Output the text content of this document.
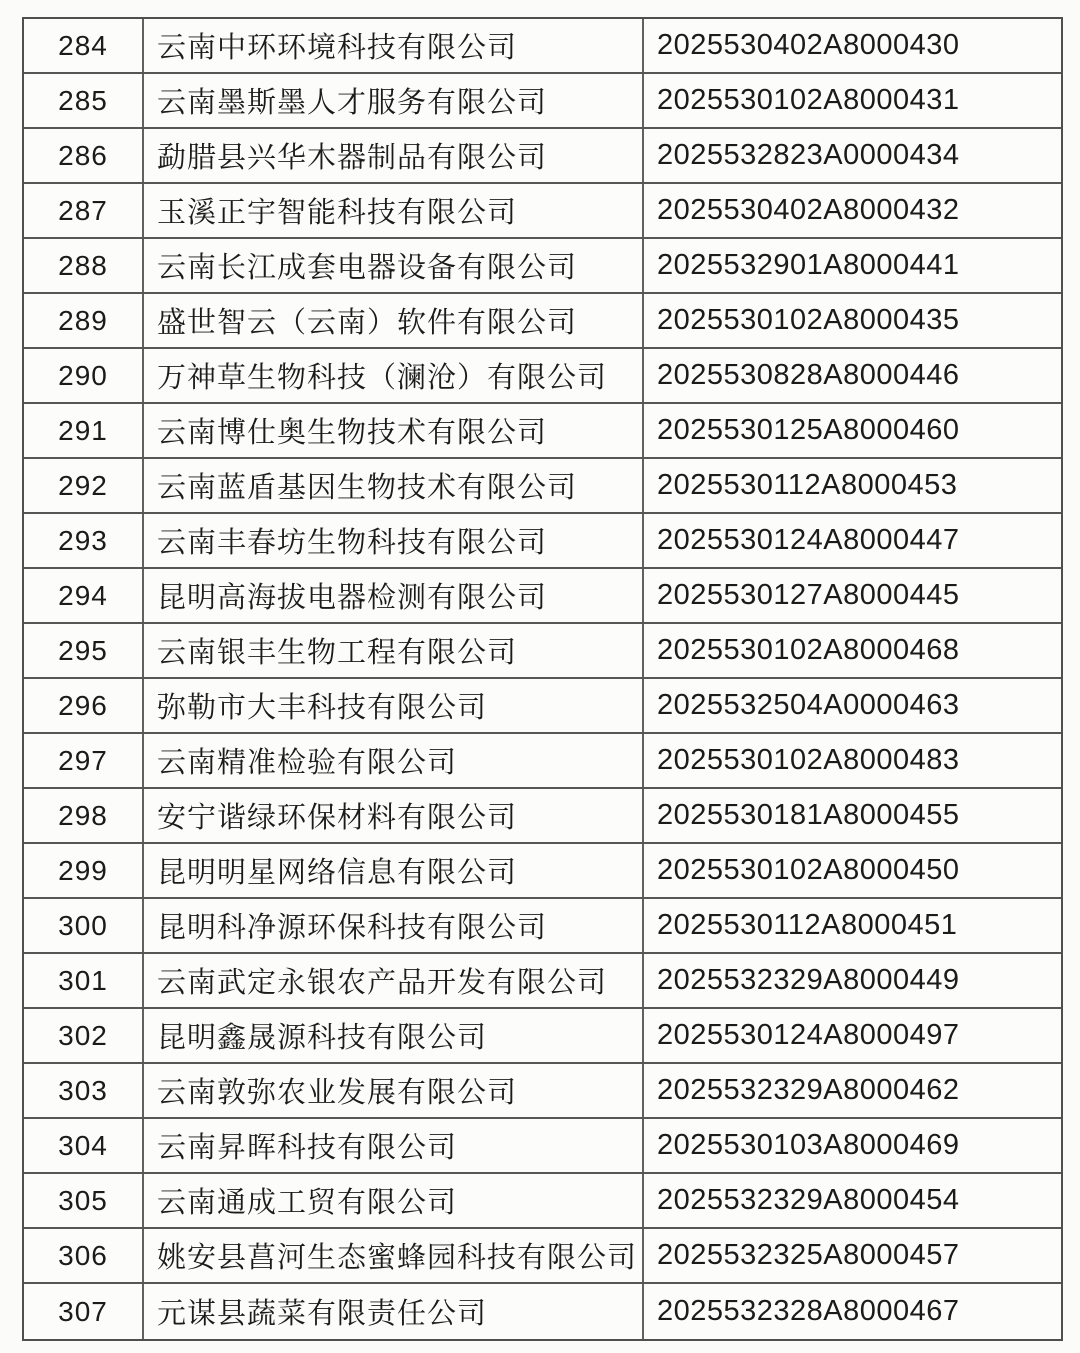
284	云南中环环境科技有限公司	2025530402A8000430
285	云南墨斯墨人才服务有限公司	2025530102A8000431
286	勐腊县兴华木器制品有限公司	2025532823A0000434
287	玉溪正宇智能科技有限公司	2025530402A8000432
288	云南长江成套电器设备有限公司	2025532901A8000441
289	盛世智云（云南）软件有限公司	2025530102A8000435
290	万神草生物科技（澜沧）有限公司	2025530828A8000446
291	云南博仕奥生物技术有限公司	2025530125A8000460
292	云南蓝盾基因生物技术有限公司	2025530112A8000453
293	云南丰春坊生物科技有限公司	2025530124A8000447
294	昆明高海拔电器检测有限公司	2025530127A8000445
295	云南银丰生物工程有限公司	2025530102A8000468
296	弥勒市大丰科技有限公司	2025532504A0000463
297	云南精准检验有限公司	2025530102A8000483
298	安宁谐绿环保材料有限公司	2025530181A8000455
299	昆明明星网络信息有限公司	2025530102A8000450
300	昆明科净源环保科技有限公司	2025530112A8000451
301	云南武定永银农产品开发有限公司	2025532329A8000449
302	昆明鑫晟源科技有限公司	2025530124A8000497
303	云南敦弥农业发展有限公司	2025532329A8000462
304	云南昇晖科技有限公司	2025530103A8000469
305	云南通成工贸有限公司	2025532329A8000454
306	姚安县菖河生态蜜蜂园科技有限公司 2025532325A8000457
307	元谋县蔬菜有限责任公司	2025532328A8000467
